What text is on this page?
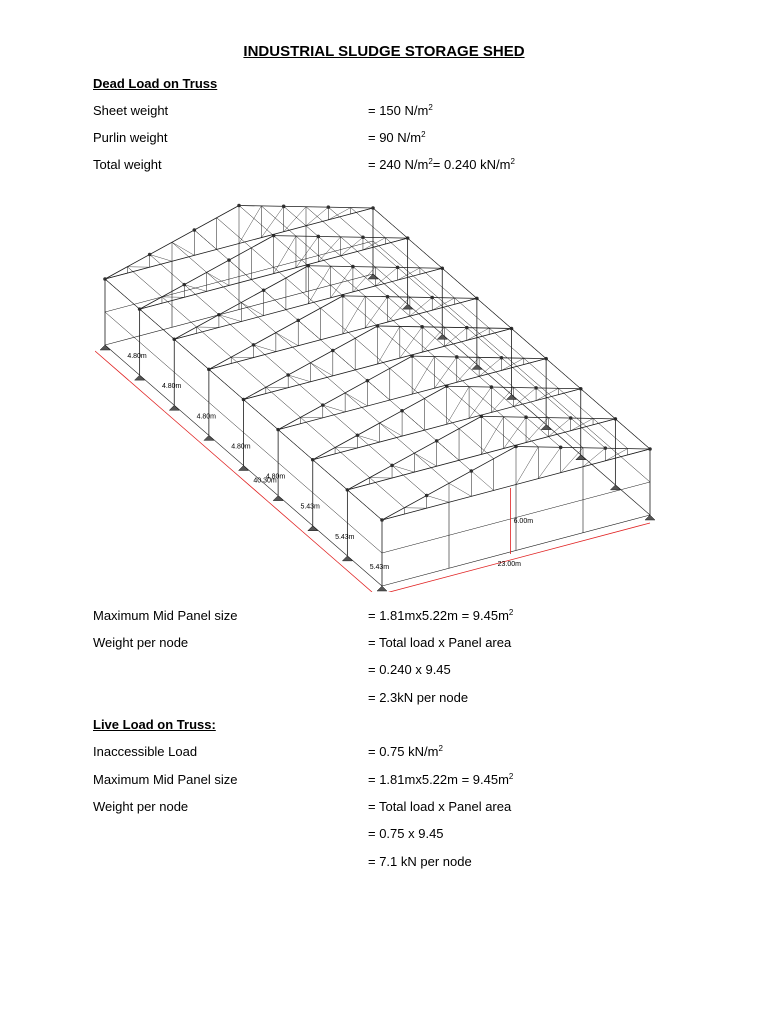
INDUSTRIAL SLUDGE STORAGE SHED
Dead Load on Truss
Sheet weight	= 150 $N/m^2$
Purlin weight	= 90 $N/m^2$
Total weight	= 240 $N/m^2= 0.240$ $kN/m^2$
4.80m
4.80m
4.80m
4.80m
4.80m
5.43m
5.43m
5.43m
40.30m
23.00m
6.00m
Maximum Mid Panel size	= $1.81mx5.22m = 9.45m^2$
Weight per node	= Total load x Panel area
= 0.240 x 9.45
= 2.3kN per node
Live Load on Truss:
Inaccessible Load	= 0.75 $kN/m^2$
Maximum Mid Panel size	= $1.81mx5.22m = 9.45m^2$
Weight per node	= Total load x Panel area
= 0.75 x 9.45
= 7.1 kN per node
